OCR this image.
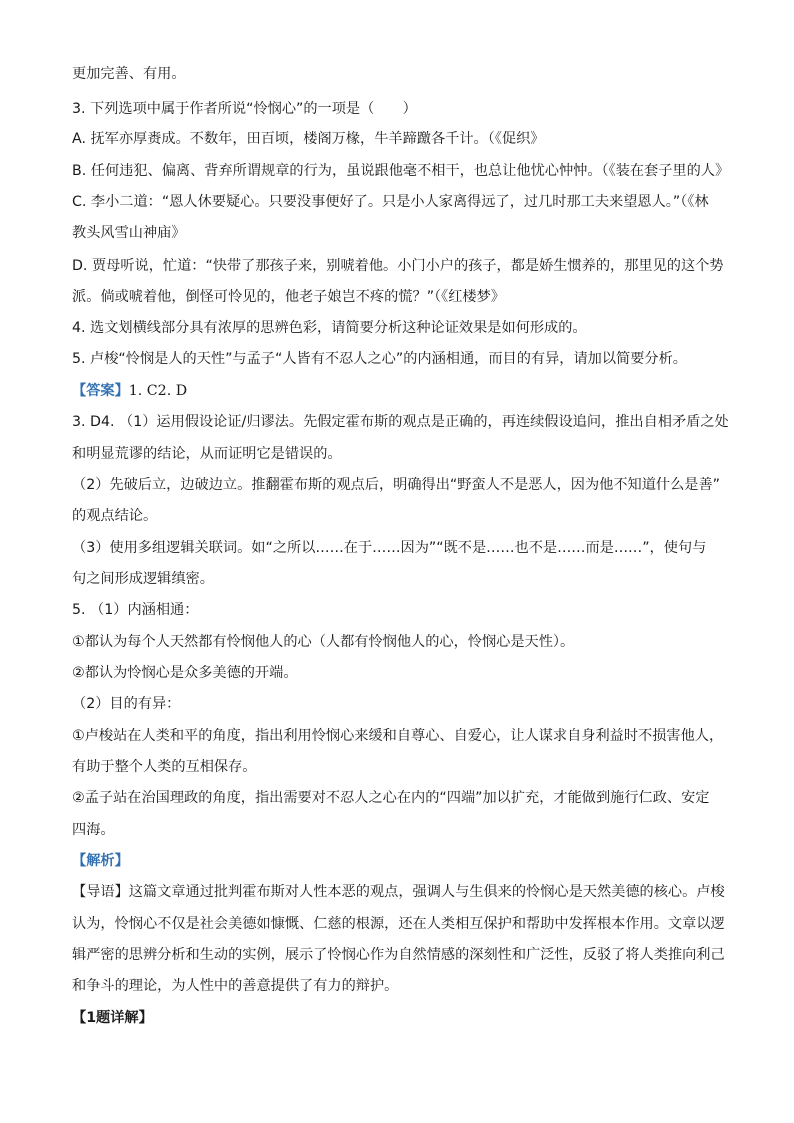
更加完善、有用。
3. 下列选项中属于作者所说“怜悯心”的一项是（　　）
A. 抚军亦厚赉成。不数年，田百顷，楼阁万椽，牛羊蹄躈各千计。（《促织》
B. 任何违犯、偏离、背弃所谓规章的行为，虽说跟他毫不相干，也总让他忧心忡忡。（《装在套子里的人》
C. 李小二道：“恩人休要疑心。只要没事便好了。只是小人家离得远了，过几时那工夫来望恩人。”（《林
教头风雪山神庙》
D. 贾母听说，忙道：“快带了那孩子来，别唬着他。小门小户的孩子，都是娇生惯养的，那里见的这个势
派。倘或唬着他，倒怪可怜见的，他老子娘岂不疼的慌？”（《红楼梦》
4. 选文划横线部分具有浓厚的思辨色彩，请简要分析这种论证效果是如何形成的。
5. 卢梭“怜悯是人的天性”与孟子“人皆有不忍人之心”的内涵相通，而目的有异，请加以简要分析。
【答案】1. C2. D
3. D4. （1）运用假设论证/归谬法。先假定霍布斯的观点是正确的，再连续假设追问，推出自相矛盾之处
和明显荒谬的结论，从而证明它是错误的。
（2）先破后立，边破边立。推翻霍布斯的观点后，明确得出“野蛮人不是恶人，因为他不知道什么是善”
的观点结论。
（3）使用多组逻辑关联词。如“之所以……在于……因为”“既不是……也不是……而是……”，使句与
句之间形成逻辑缜密。
5. （1）内涵相通：
①都认为每个人天然都有怜悯他人的心（人都有怜悯他人的心，怜悯心是天性）。
②都认为怜悯心是众多美德的开端。
（2）目的有异：
①卢梭站在人类和平的角度，指出利用怜悯心来缓和自尊心、自爱心，让人谋求自身利益时不损害他人，
有助于整个人类的互相保存。
②孟子站在治国理政的角度，指出需要对不忍人之心在内的“四端”加以扩充，才能做到施行仁政、安定
四海。
【解析】
【导语】这篇文章通过批判霍布斯对人性本恶的观点，强调人与生俱来的怜悯心是天然美德的核心。卢梭
认为，怜悯心不仅是社会美德如慷慨、仁慈的根源，还在人类相互保护和帮助中发挥根本作用。文章以逻
辑严密的思辨分析和生动的实例，展示了怜悯心作为自然情感的深刻性和广泛性，反驳了将人类推向利己
和争斗的理论，为人性中的善意提供了有力的辩护。
【1题详解】
